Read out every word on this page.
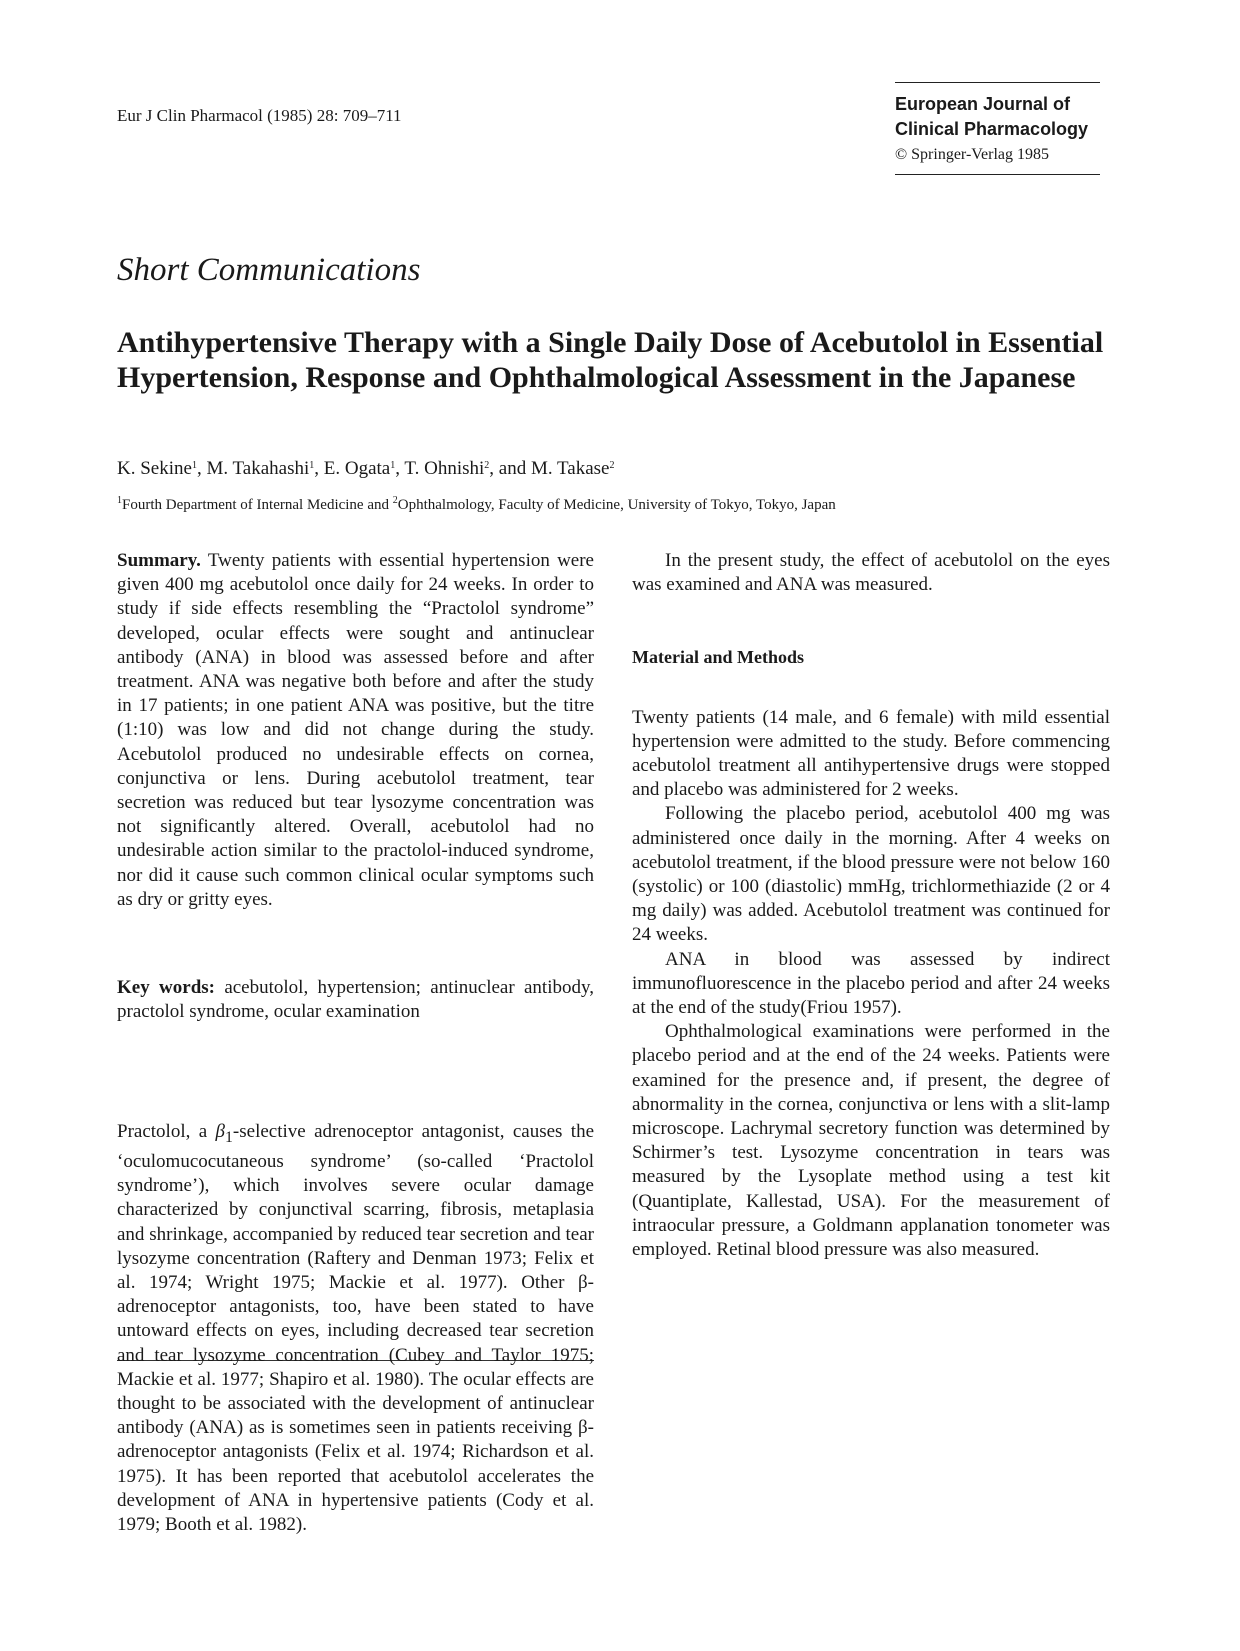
Eur J Clin Pharmacol (1985) 28: 709–711
European Journal of
Clinical Pharmacology
© Springer-Verlag 1985
Short Communications
Antihypertensive Therapy with a Single Daily Dose of Acebutolol in Essential Hypertension, Response and Ophthalmological Assessment in the Japanese
K. Sekine$^1$, M. Takahashi$^1$, E. Ogata$^1$, T. Ohnishi$^2$, and M. Takase$^2$
$^1$Fourth Department of Internal Medicine and $^2$Ophthalmology, Faculty of Medicine, University of Tokyo, Tokyo, Japan

Summary. Twenty patients with essential hypertension were given 400 mg acebutolol once daily for 24 weeks. In order to study if side effects resembling the “Practolol syndrome” developed, ocular effects were sought and antinuclear antibody (ANA) in blood was assessed before and after treatment. ANA was negative both before and after the study in 17 patients; in one patient ANA was positive, but the titre (1:10) was low and did not change during the study. Acebutolol produced no undesirable effects on cornea, conjunctiva or lens. During acebutolol treatment, tear secretion was reduced but tear lysozyme concentration was not significantly altered. Overall, acebutolol had no undesirable action similar to the practolol-induced syndrome, nor did it cause such common clinical ocular symptoms such as dry or gritty eyes.

Key words: acebutolol, hypertension; antinuclear antibody, practolol syndrome, ocular examination

Practolol, a $\beta_1$-selective adrenoceptor antagonist, causes the ‘oculomucocutaneous syndrome’ (so-called ‘Practolol syndrome’), which involves severe ocular damage characterized by conjunctival scarring, fibrosis, metaplasia and shrinkage, accompanied by reduced tear secretion and tear lysozyme concentration (Raftery and Denman 1973; Felix et al. 1974; Wright 1975; Mackie et al. 1977). Other β-adrenoceptor antagonists, too, have been stated to have untoward effects on eyes, including decreased tear secretion and tear lysozyme concentration (Cubey and Taylor 1975; Mackie et al. 1977; Shapiro et al. 1980). The ocular effects are thought to be associated with the development of antinuclear antibody (ANA) as is sometimes seen in patients receiving β-adrenoceptor antagonists (Felix et al. 1974; Richardson et al. 1975). It has been reported that acebutolol accelerates the development of ANA in hypertensive patients (Cody et al. 1979; Booth et al. 1982).

In the present study, the effect of acebutolol on the eyes was examined and ANA was measured.

Material and Methods

Twenty patients (14 male, and 6 female) with mild essential hypertension were admitted to the study. Before commencing acebutolol treatment all antihypertensive drugs were stopped and placebo was administered for 2 weeks.

Following the placebo period, acebutolol 400 mg was administered once daily in the morning. After 4 weeks on acebutolol treatment, if the blood pressure were not below 160 (systolic) or 100 (diastolic) mmHg, trichlormethiazide (2 or 4 mg daily) was added. Acebutolol treatment was continued for 24 weeks.

ANA in blood was assessed by indirect immunofluorescence in the placebo period and after 24 weeks at the end of the study(Friou 1957).

Ophthalmological examinations were performed in the placebo period and at the end of the 24 weeks. Patients were examined for the presence and, if present, the degree of abnormality in the cornea, conjunctiva or lens with a slit-lamp microscope. Lachrymal secretory function was determined by Schirmer’s test. Lysozyme concentration in tears was measured by the Lysoplate method using a test kit (Quantiplate, Kallestad, USA). For the measurement of intraocular pressure, a Goldmann applanation tonometer was employed. Retinal blood pressure was also measured.
